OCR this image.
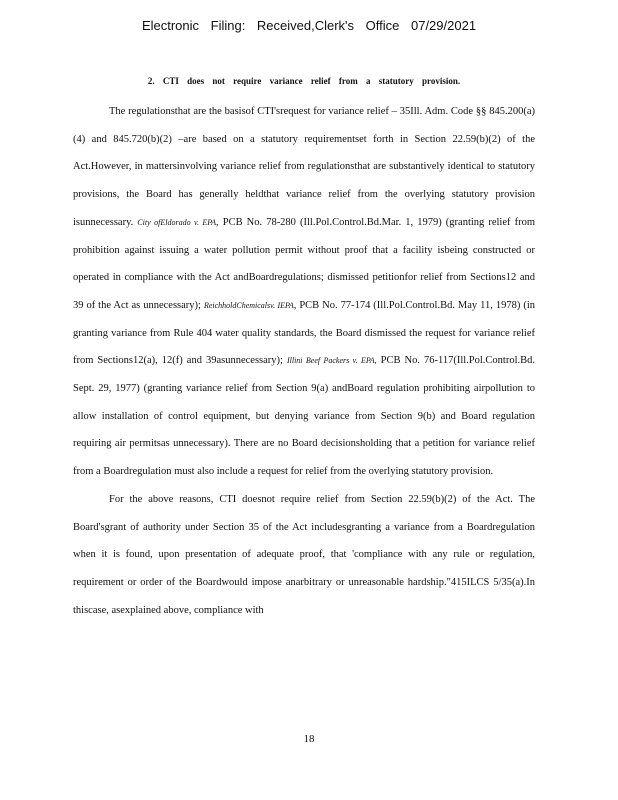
Electronic Filing: Received,Clerk's Office 07/29/2021
2. CTI does not require variance relief from a statutory provision.

The regulationsthat are the basisof CTI'srequest for variance relief – 35Ill. Adm. Code §§ 845.200(a)(4) and 845.720(b)(2) –are based on a statutory requirementset forth in Section 22.59(b)(2) of the Act.However, in mattersinvolving variance relief from regulationsthat are substantively identical to statutory provisions, the Board has generally heldthat variance relief from the overlying statutory provision isunnecessary. City ofEldorado v. EPA, PCB No. 78-280 (Ill.Pol.Control.Bd.Mar. 1, 1979) (granting relief from prohibition against issuing a water pollution permit without proof that a facility isbeing constructed or operated in compliance with the Act andBoardregulations; dismissed petitionfor relief from Sections12 and 39 of the Act as unnecessary); ReichholdChemicalsv. IEPA, PCB No. 77-174 (Ill.Pol.Control.Bd. May 11, 1978) (in granting variance from Rule 404 water quality standards, the Board dismissed the request for variance relief from Sections12(a), 12(f) and 39asunnecessary); Illini Beef Packers v. EPA, PCB No. 76-117(Ill.Pol.Control.Bd. Sept. 29, 1977) (granting variance relief from Section 9(a) andBoard regulation prohibiting airpollution to allow installation of control equipment, but denying variance from Section 9(b) and Board regulation requiring air permitsas unnecessary). There are no Board decisionsholding that a petition for variance relief from a Boardregulation must also include a request for relief from the overlying statutory provision.

For the above reasons, CTI doesnot require relief from Section 22.59(b)(2) of the Act. The Board'sgrant of authority under Section 35 of the Act includesgranting a variance from a Boardregulation when it is found, upon presentation of adequate proof, that 'compliance with any rule or regulation, requirement or order of the Boardwould impose anarbitrary or unreasonable hardship."415ILCS 5/35(a).In thiscase, asexplained above, compliance with

18
